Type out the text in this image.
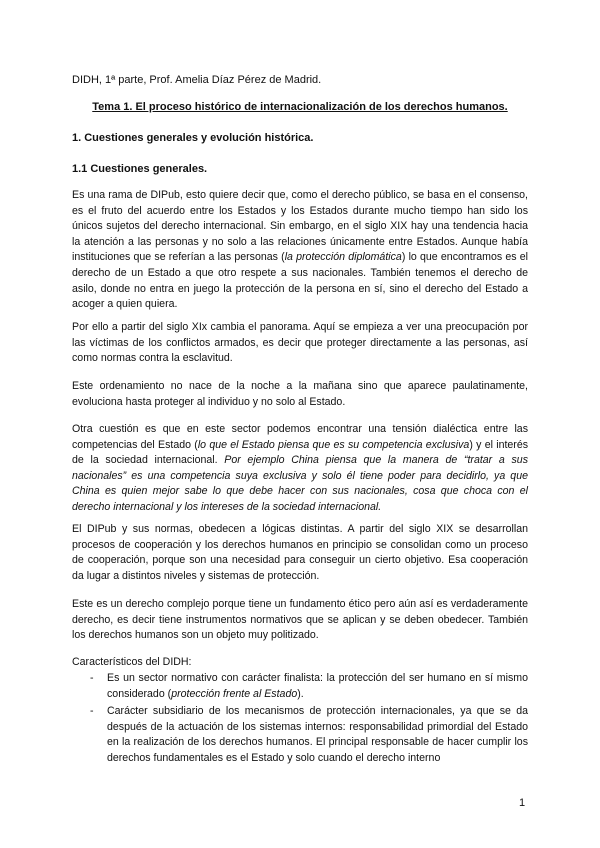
DIDH, 1ª parte, Prof. Amelia Díaz Pérez de Madrid.
Tema 1. El proceso histórico de internacionalización de los derechos humanos.
1. Cuestiones generales y evolución histórica.
1.1 Cuestiones generales.

Es una rama de DIPub, esto quiere decir que, como el derecho público, se basa en el consenso, es el fruto del acuerdo entre los Estados y los Estados durante mucho tiempo han sido los únicos sujetos del derecho internacional. Sin embargo, en el siglo XIX hay una tendencia hacia la atención a las personas y no solo a las relaciones únicamente entre Estados. Aunque había instituciones que se referían a las personas (la protección diplomática) lo que encontramos es el derecho de un Estado a que otro respete a sus nacionales. También tenemos el derecho de asilo, donde no entra en juego la protección de la persona en sí, sino el derecho del Estado a acoger a quien quiera.

Por ello a partir del siglo XIx cambia el panorama. Aquí se empieza a ver una preocupación por las víctimas de los conflictos armados, es decir que proteger directamente a las personas, así como normas contra la esclavitud.

Este ordenamiento no nace de la noche a la mañana sino que aparece paulatinamente, evoluciona hasta proteger al individuo y no solo al Estado.

Otra cuestión es que en este sector podemos encontrar una tensión dialéctica entre las competencias del Estado (lo que el Estado piensa que es su competencia exclusiva) y el interés de la sociedad internacional. Por ejemplo China piensa que la manera de “tratar a sus nacionales” es una competencia suya exclusiva y solo él tiene poder para decidirlo, ya que China es quien mejor sabe lo que debe hacer con sus nacionales, cosa que choca con el derecho internacional y los intereses de la sociedad internacional.

El DIPub y sus normas, obedecen a lógicas distintas. A partir del siglo XIX se desarrollan procesos de cooperación y los derechos humanos en principio se consolidan como un proceso de cooperación, porque son una necesidad para conseguir un cierto objetivo. Esa cooperación da lugar a distintos niveles y sistemas de protección.

Este es un derecho complejo porque tiene un fundamento ético pero aún así es verdaderamente derecho, es decir tiene instrumentos normativos que se aplican y se deben obedecer. También los derechos humanos son un objeto muy politizado.

Característicos del DIDH:
- Es un sector normativo con carácter finalista: la protección del ser humano en sí mismo considerado (protección frente al Estado).
- Carácter subsidiario de los mecanismos de protección internacionales, ya que se da después de la actuación de los sistemas internos: responsabilidad primordial del Estado en la realización de los derechos humanos. El principal responsable de hacer cumplir los derechos fundamentales es el Estado y solo cuando el derecho interno
1
